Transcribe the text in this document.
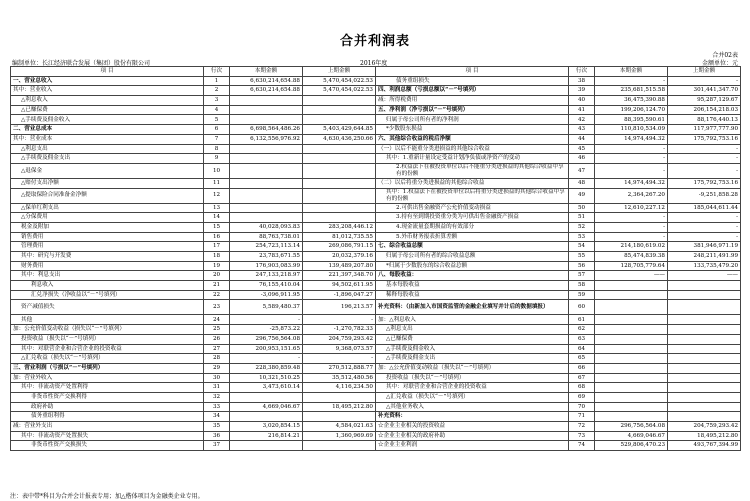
合并利润表
合并02表
编制单位：长江经济联合发展（集团）股份有限公司	2016年度	金额单位：元
项 目	行次	本期金额	上期金额	项 目	行次	本期金额	上期金额
一、营业总收入	1	6,630,214,654.88	5,470,454,022.53	债务重组损失	38	-	-
其中：营业收入	2	6,630,214,654.88	5,470,454,022.53	四、利润总额（亏损总额以“－”号填列）	39	235,681,515.58	301,441,347.70
△利息收入	3			减：所得税费用	40	36,475,390.88	95,287,129.67
△已赚保费	4			五、净利润（净亏损以“－”号填列）	41	199,206,124.70	206,154,218.03
△手续费及佣金收入	5			归属于母公司所有者的净利润	42	88,395,590.61	88,176,440.13
二、营业总成本	6	6,698,564,486.26	5,403,429,644.85	*少数股东损益	43	110,810,534.09	117,977,777.90
其中：营业成本	7	6,132,556,976.92	4,630,436,250.66	六、其他综合收益的税后净额	44	14,974,494.32	175,792,753.16
△利息支出	8			（一）以后不能重分类进损益的其他综合收益	45	-	-
△手续费及佣金支出	9			其中：1.重新计量设定受益计划净负债或净资产的变动	46	-	-
△退保金	10			2.权益法下在被投资单位以后不能重分类进损益的其他综合收益中享有的份额	47	-	-
△赔付支出净额	11			（二）以后将重分类进损益的其他综合收益	48	14,974,494.32	175,792,753.16
△提取保险合同准备金净额	12			其中：1.权益法下在被投资单位以后将重分类进损益的其他综合收益中享有的份额	49	2,364,267.20	-9,251,858.28
△保单红利支出	13			2.可供出售金融资产公允价值变动损益	50	12,610,227.12	185,044,611.44
△分保费用	14			3.持有至到期投资重分类为可供出售金融资产损益	51	-	-
税金及附加	15	40,028,093.83	283,208,446.12	4.现金流量套期损益的有效部分	52	-	-
销售费用	16	88,763,738.01	81,012,735.55	5.外币财务报表折算差额	53	-	-
管理费用	17	254,723,113.14	269,086,791.15	七、综合收益总额	54	214,180,619.02	381,946,971.19
其中：研究与开发费	18	23,783,671.55	20,032,379.16	归属于母公司所有者的综合收益总额	55	85,474,839.38	248,211,491.99
财务费用	19	176,903,083.99	139,489,207.80	*归属于少数股东的综合收益总额	56	128,705,779.64	133,735,479.20
其中：利息支出	20	247,133,218.97	221,397,348.70	八、每股收益：	57	——	——
利息收入	21	76,155,410.04	94,502,611.95	基本每股收益	58		
汇兑净损失（净收益以“－”号填列）	22	-3,096,911.95	-1,896,047.27	稀释每股收益	59		
资产减值损失	23	5,589,480.37	196,213.57	补充资料：（由新加入市国资监管的金融企业填写并计后的数据填报）	60		
其他	24	-	-	加：△利息收入	61		
加：公允价值变动收益（损失以“－”号填列）	25	-25,873.22	-1,270,782.33	△利息支出	62		
投资收益（损失以“－”号填列）	26	296,756,564.08	204,759,293.42	△已赚保费	63		
其中：对联营企业和合营企业的投资收益	27	200,953,151.65	9,368,073.57	△手续费及佣金收入	64		
△汇兑收益（损失以“－”号填列）	28	-	-	△手续费及佣金支出	65		
三、营业利润（亏损以“－”号填列）	29	228,380,859.48	270,512,888.77	加：△公允价值变动收益（损失以“－”号填列）	66		
加：营业外收入	30	10,321,510.25	35,512,480.56	投资收益（损失以“－”号填列）	67		
其中：非流动资产处置利得	31	3,473,610.14	4,116,234.50	其中：对联营企业和合营企业的投资收益	68		
非货币性资产交换利得	32			△汇兑收益（损失以“－”号填列）	69		
政府补助	33	4,669,046.67	18,495,212.80	△其他业务收入	70		
债务重组利得	34			补充资料：	71		
减：营业外支出	35	3,020,854.15	4,584,021.63	☆企业主业相关的投资收益	72	296,756,564.08	204,759,293.42
其中：非流动资产处置损失	36	216,814.21	1,360,969.69	☆企业主业相关的政府补助	73	4,669,046.67	18,495,212.80
非货币性资产交换损失	37			☆企业主业利润	74	529,806,470.23	493,767,394.99
注：表中带*科目为合并会计报表专用；加△楷体项目为金融类企业专用。
